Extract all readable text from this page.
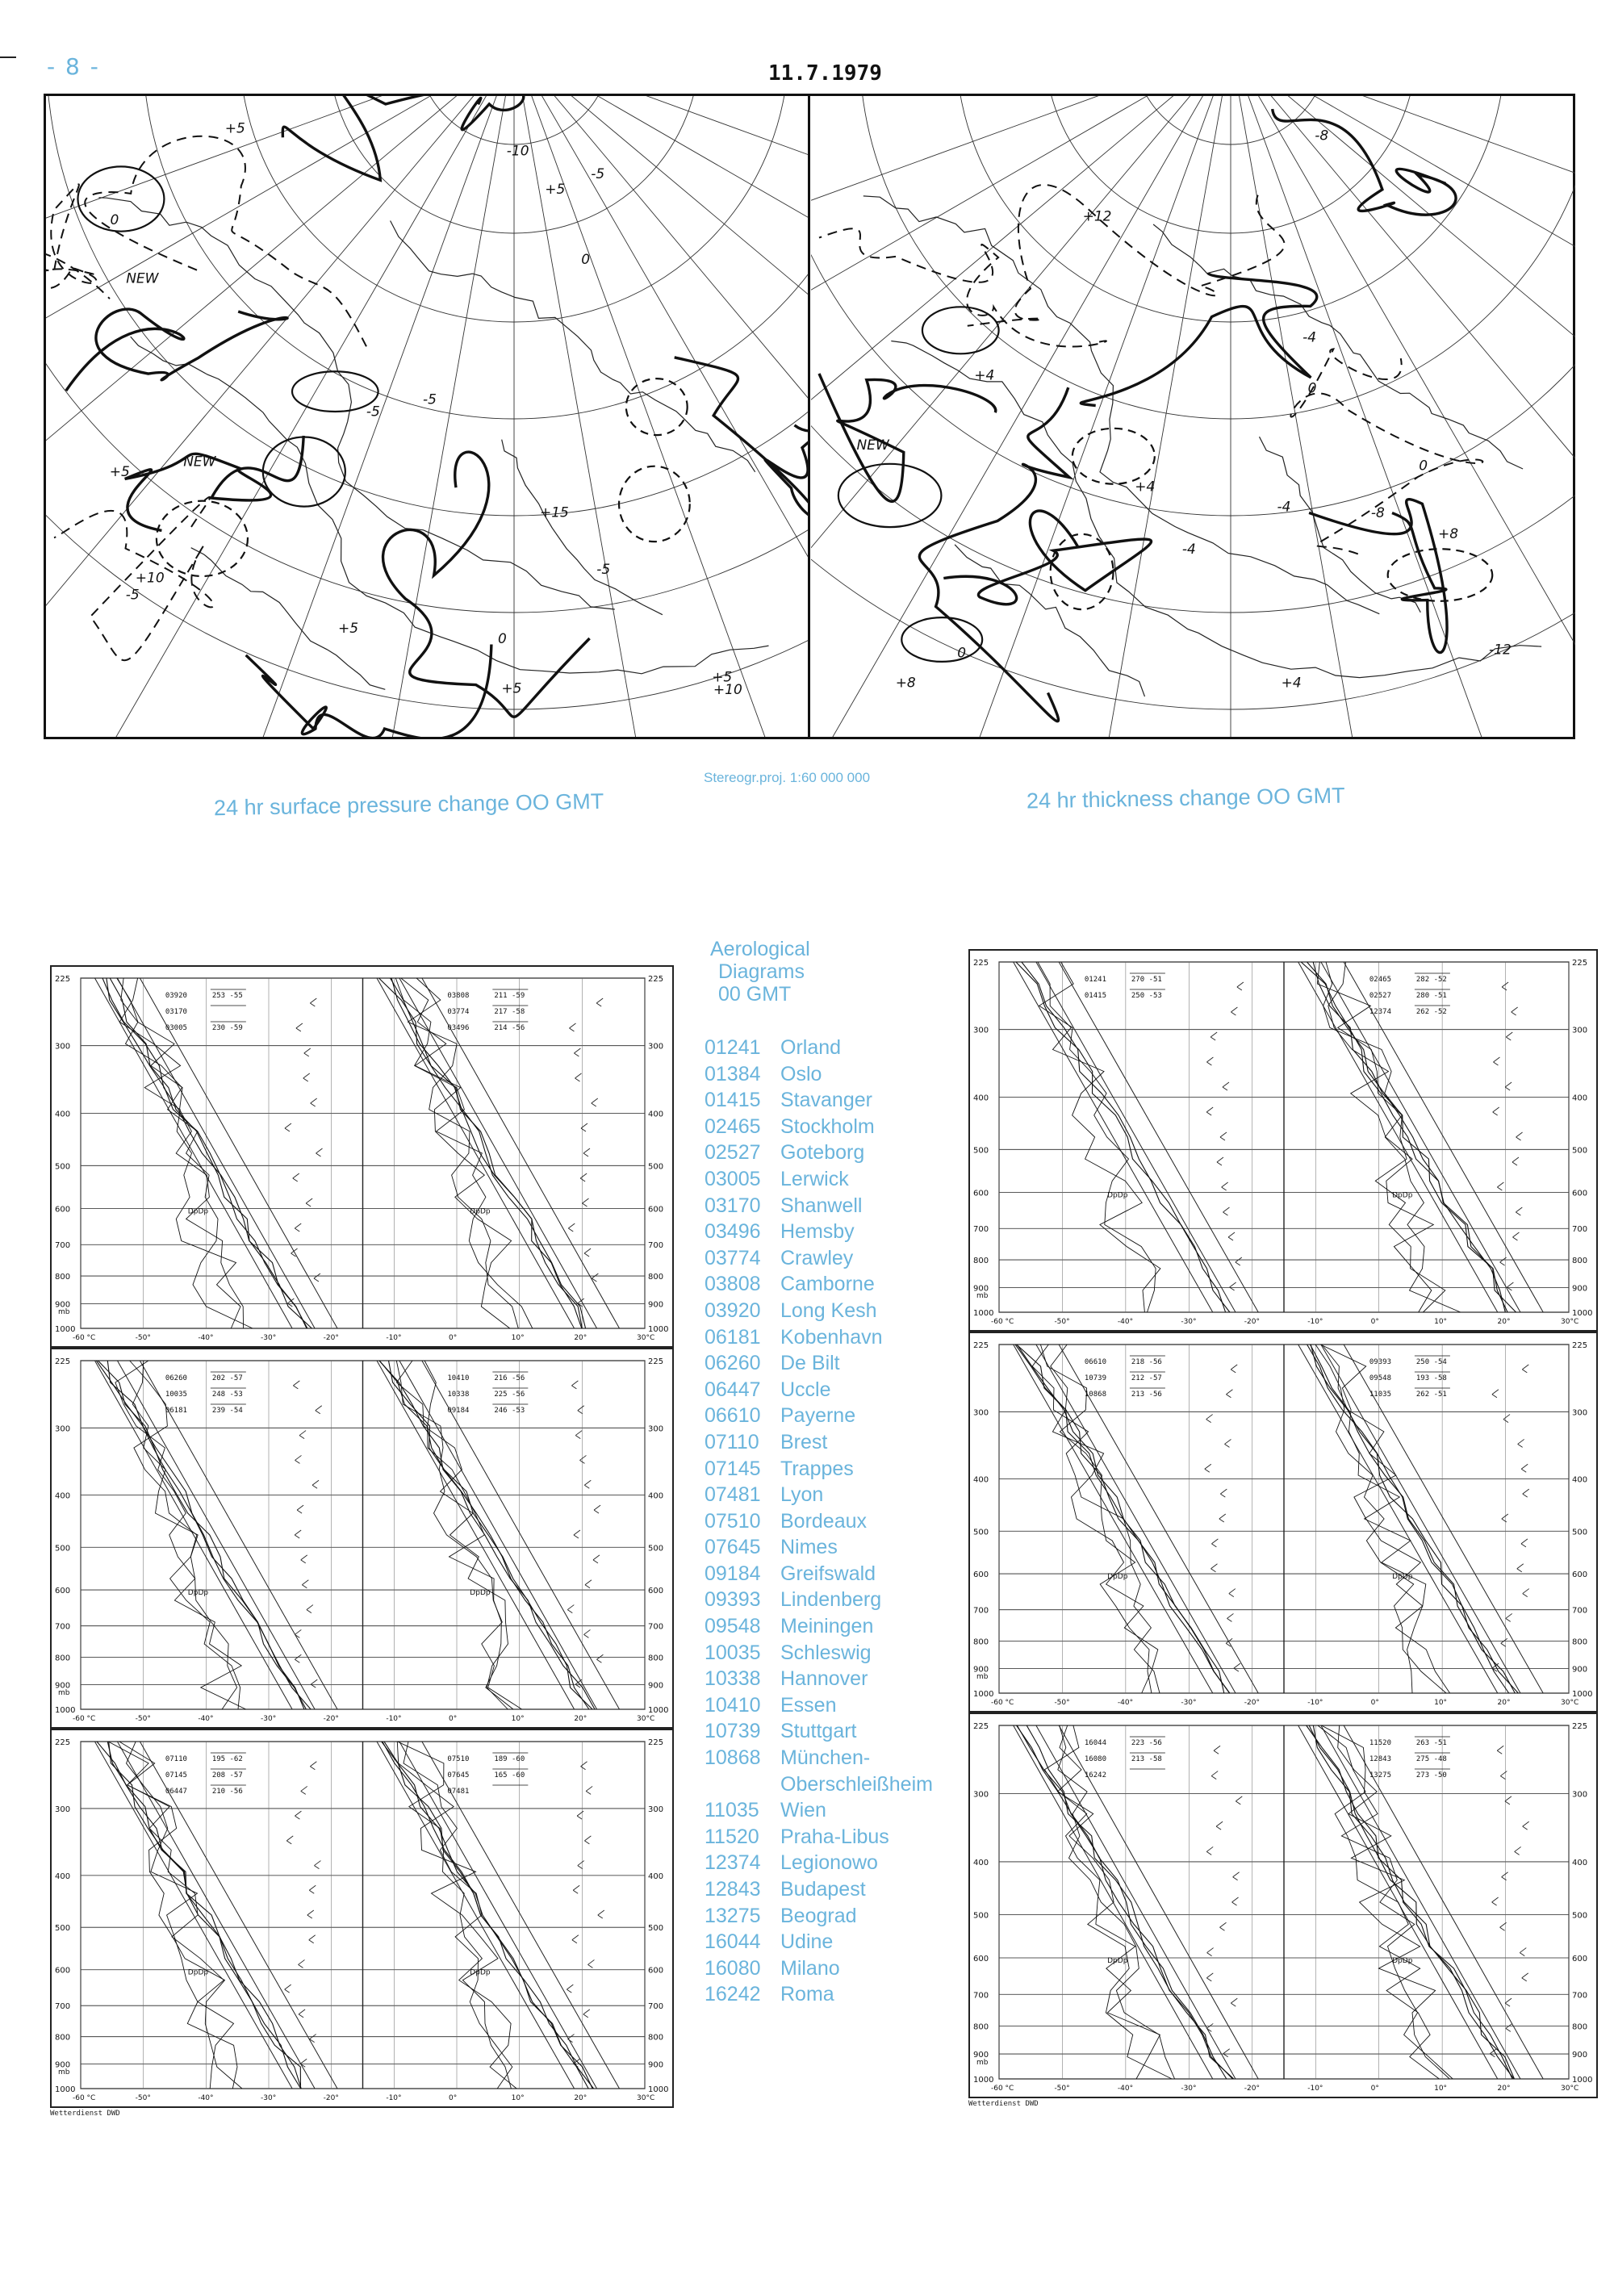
- 8 -	11.7.1979
+15
+10
+5
+5
+5
0
0
0
-5
-5
-5
-5
-10
+5
+10
+5
NEW
NEW
+5
-5
+4
+8
+12
-4
-8
-12
0
0
+4
+8
-4	-8
NEW
+4
-4
0
Stereogr.proj. 1:60 000 000
24 hr surface pressure change OO GMT	24 hr thickness change OO GMT
Aerological
Diagrams
00 GMT
01241 Orland
01384 Oslo
01415 Stavanger
02465 Stockholm
02527 Goteborg
03005 Lerwick
03170 Shanwell
03496 Hemsby
03774 Crawley
03808 Camborne
03920 Long Kesh
06181 Kobenhavn
06260 De Bilt
06447 Uccle
06610 Payerne
07110 Brest
07145 Trappes
07481 Lyon
07510 Bordeaux
07645 Nimes
09184 Greifswald
09393 Lindenberg
09548 Meiningen
10035 Schleswig
10338 Hannover
10410 Essen
10739 Stuttgart
10868 München-
Oberschleißheim
11035 Wien
11520 Praha-Libus
12374 Legionowo
12843 Budapest
13275 Beograd
16044 Udine
16080 Milano
16242 Roma
225	225
300	300
400	400
500	500
600	600
700	700
800	800
900	900
1000	1000
mb
-60 °C	-50°	-40°	-30°	-20°	-10°	0°	10°	20°	30°C
DpDp
03920	253 -55
03170
03005	230 -59
DpDp
03808	211 -59
03774	217 -58
03496	214 -56
225	225
300	300
400	400
500	500
600	600
700	700
800	800
900	900
1000	1000
mb
-60 °C	-50°	-40°	-30°	-20°	-10°	0°	10°	20°	30°C
DpDp
06260	202 -57
10035	248 -53
06181	239 -54
DpDp
10410	216 -56
10338	225 -56
09184	246 -53
225	225
300	300
400	400
500	500
600	600
700	700
800	800
900	900
1000	1000
mb
-60 °C	-50°	-40°	-30°	-20°	-10°	0°	10°	20°	30°C
DpDp
07110	195 -62
07145	208 -57
06447	210 -56
DpDp
07510	189 -60
07645	165 -60
07481
225	225
300	300
400	400
500	500
600	600
700	700
800	800
900	900
1000	1000
mb
-60 °C	-50°	-40°	-30°	-20°	-10°	0°	10°	20°	30°C
DpDp
01241	270 -51
01415	250 -53
DpDp
02465	282 -52
02527	280 -51
12374	262 -52
225	225
300	300
400	400
500	500
600	600
700	700
800	800
900	900
1000	1000
mb
-60 °C	-50°	-40°	-30°	-20°	-10°	0°	10°	20°	30°C
DpDp
06610	218 -56
10739	212 -57
10868	213 -56
DpDp
09393	250 -54
09548	193 -58
11035	262 -51
225	225
300	300
400	400
500	500
600	600
700	700
800	800
900	900
1000	1000
mb
-60 °C	-50°	-40°	-30°	-20°	-10°	0°	10°	20°	30°C
DpDp
16044	223 -56
16080	213 -58
16242
DpDp
11520	263 -51
12843	275 -48
13275	273 -50
Wetterdienst DWD
Wetterdienst DWD
